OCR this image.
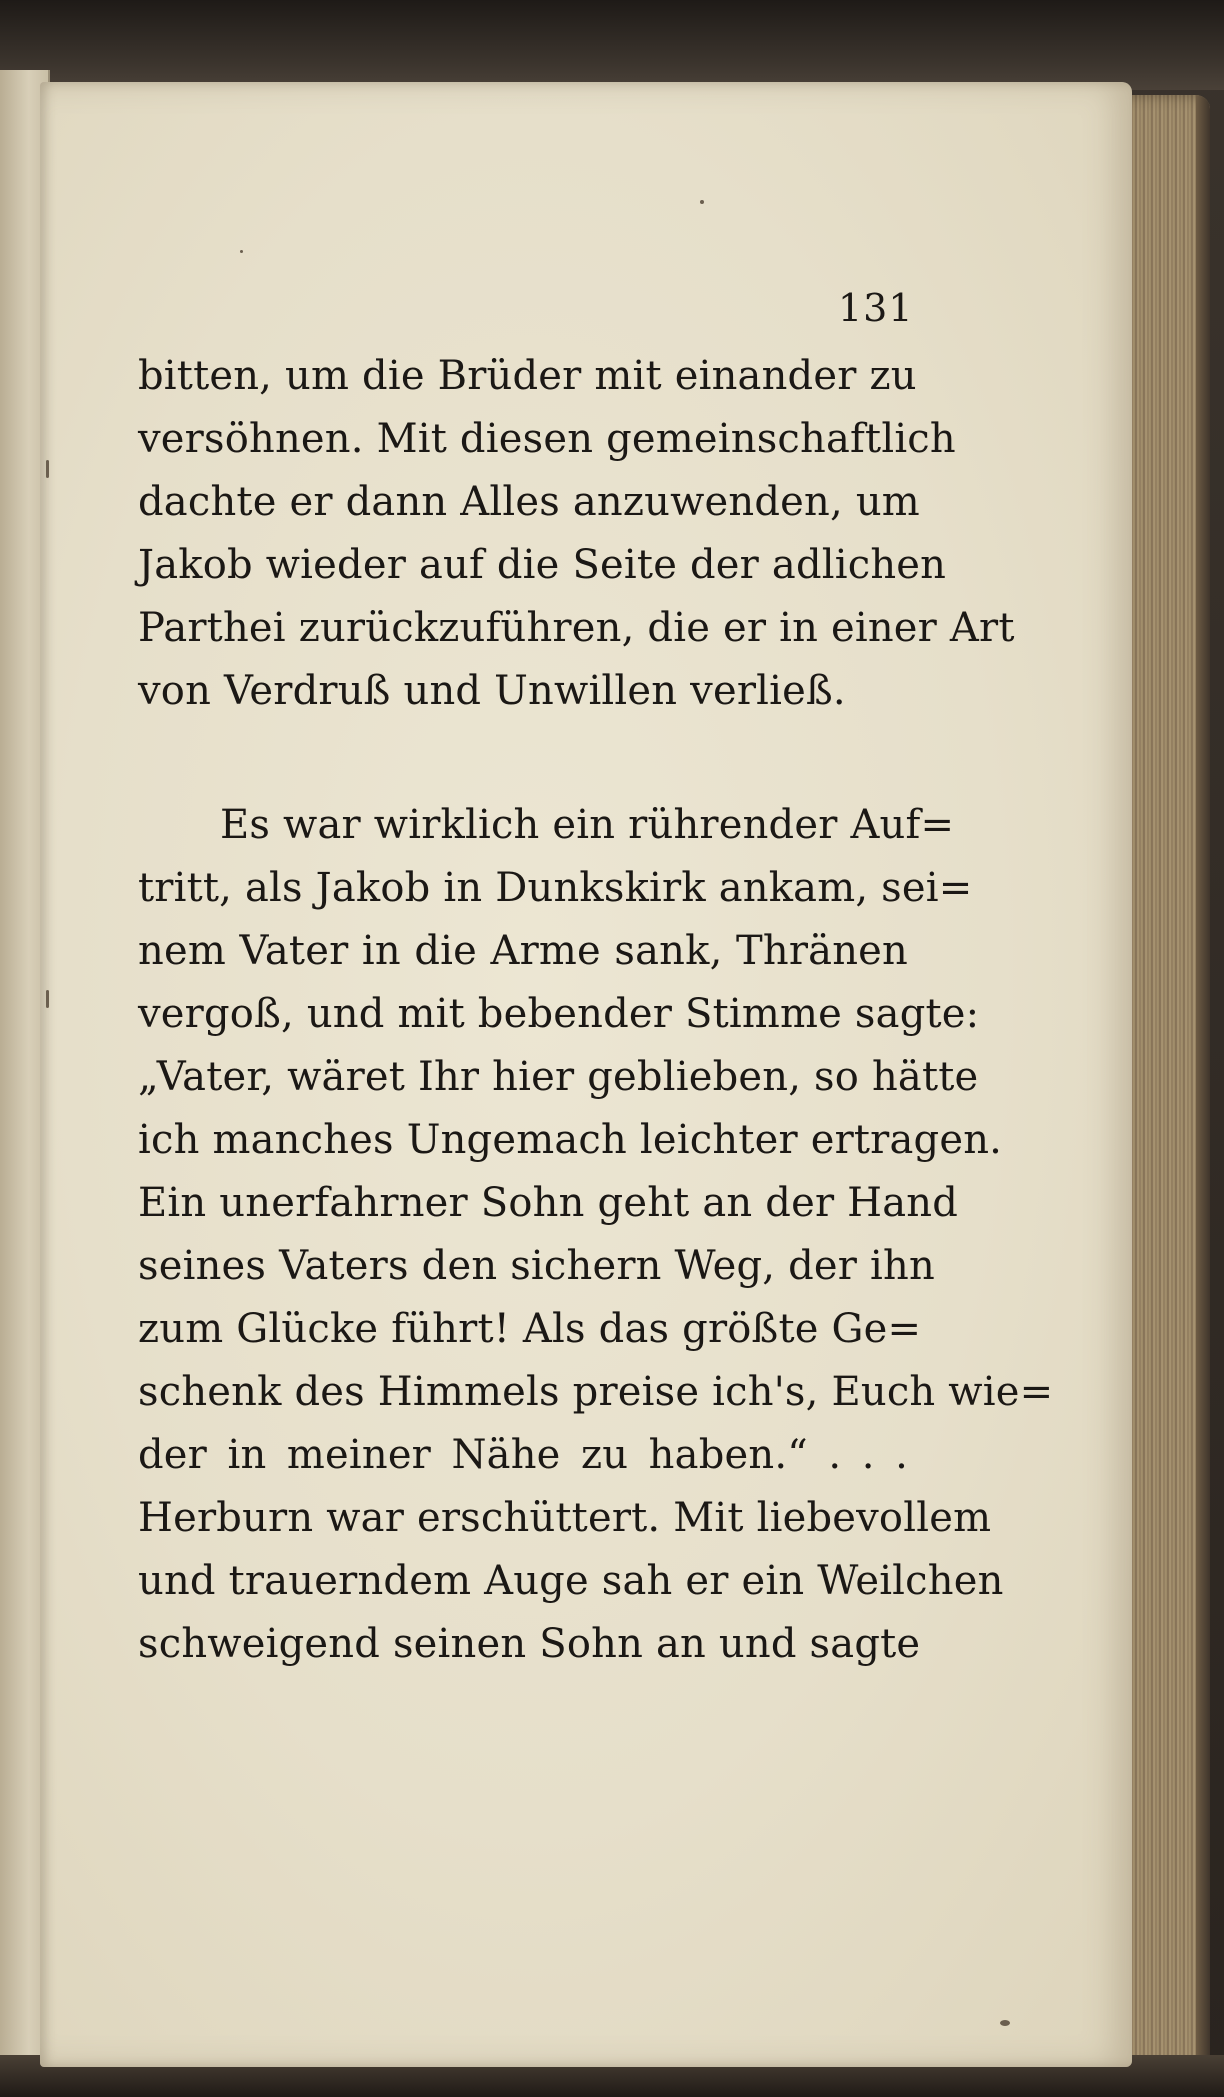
131
bitten, um die Brüder mit einander zu
versöhnen. Mit diesen gemeinschaftlich
dachte er dann Alles anzuwenden, um
Jakob wieder auf die Seite der adlichen
Parthei zurückzuführen, die er in einer Art
von Verdruß und Unwillen verließ.
Es war wirklich ein rührender Auf=
tritt, als Jakob in Dunkskirk ankam, sei=
nem Vater in die Arme sank, Thränen
vergoß, und mit bebender Stimme sagte:
„Vater, wäret Ihr hier geblieben, so hätte
ich manches Ungemach leichter ertragen.
Ein unerfahrner Sohn geht an der Hand
seines Vaters den sichern Weg, der ihn
zum Glücke führt! Als das größte Ge=
schenk des Himmels preise ich's, Euch wie=
der in meiner Nähe zu haben.“ . . .
Herburn war erschüttert. Mit liebevollem
und trauerndem Auge sah er ein Weilchen
schweigend seinen Sohn an und sagte
